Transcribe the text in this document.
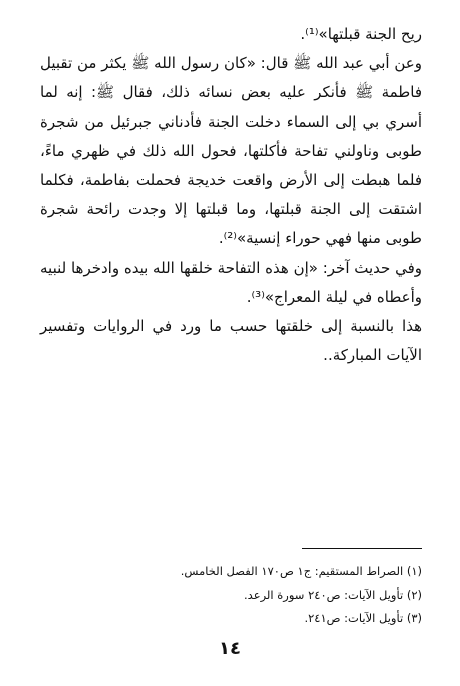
ريح الجنة قبلتها»⁽¹⁾.

وعن أبي عبد الله ﷺ قال: «كان رسول الله ﷺ يكثر من تقبيل فاطمة ﷺ فأنكر عليه بعض نسائه ذلك، فقال ﷺ: إنه لما أسري بي إلى السماء دخلت الجنة فأدناني جبرئيل من شجرة طوبى وناولني تفاحة فأكلتها، فحول الله ذلك في ظهري ماءً، فلما هبطت إلى الأرض واقعت خديجة فحملت بفاطمة، فكلما اشتقت إلى الجنة قبلتها، وما قبلتها إلا وجدت رائحة شجرة طوبى منها فهي حوراء إنسية»⁽²⁾.

وفي حديث آخر: «إن هذه التفاحة خلقها الله بيده وادخرها لنبيه وأعطاه في ليلة المعراج»⁽³⁾.

هذا بالنسبة إلى خلقتها حسب ما ورد في الروايات وتفسير الآيات المباركة..

(١) الصراط المستقيم: ج١ ص١٧٠ الفصل الخامس.

(٢) تأويل الآيات: ص٢٤٠ سورة الرعد.

(٣) تأويل الآيات: ص٢٤١.

١٤
